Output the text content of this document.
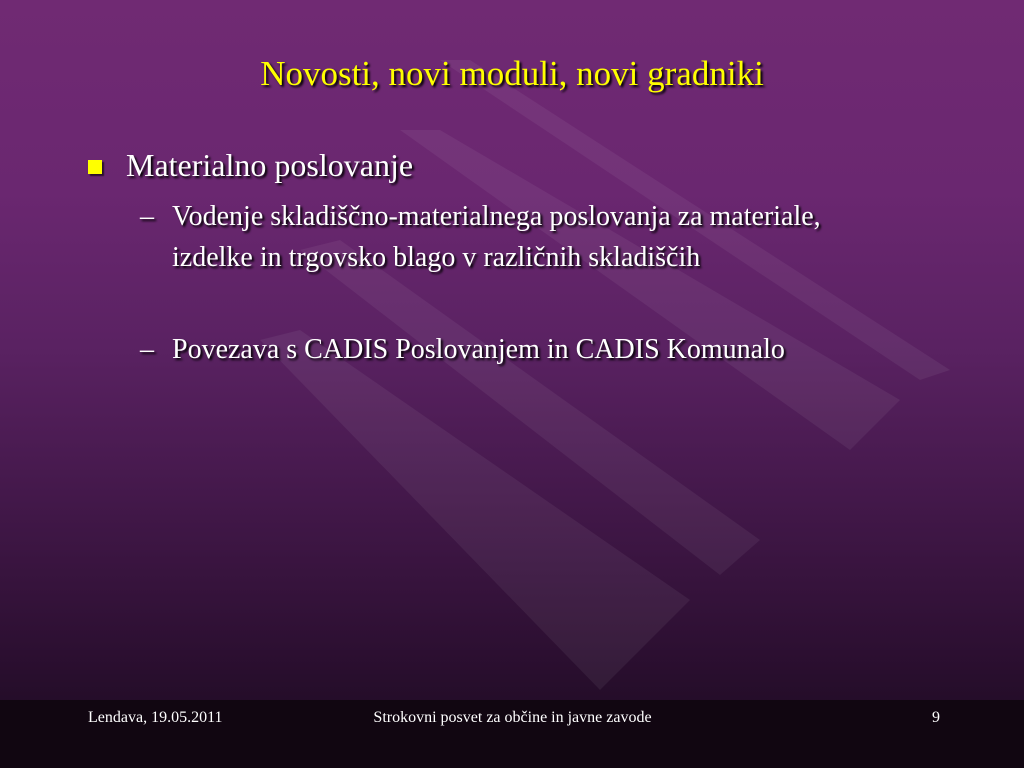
Novosti, novi moduli, novi gradniki
Materialno poslovanje
– Vodenje skladiščno-materialnega poslovanja za materiale, izdelke in trgovsko blago v različnih skladiščih
– Povezava s CADIS Poslovanjem in CADIS Komunalo
Lendava, 19.05.2011	Strokovni posvet za občine in javne zavode	9
